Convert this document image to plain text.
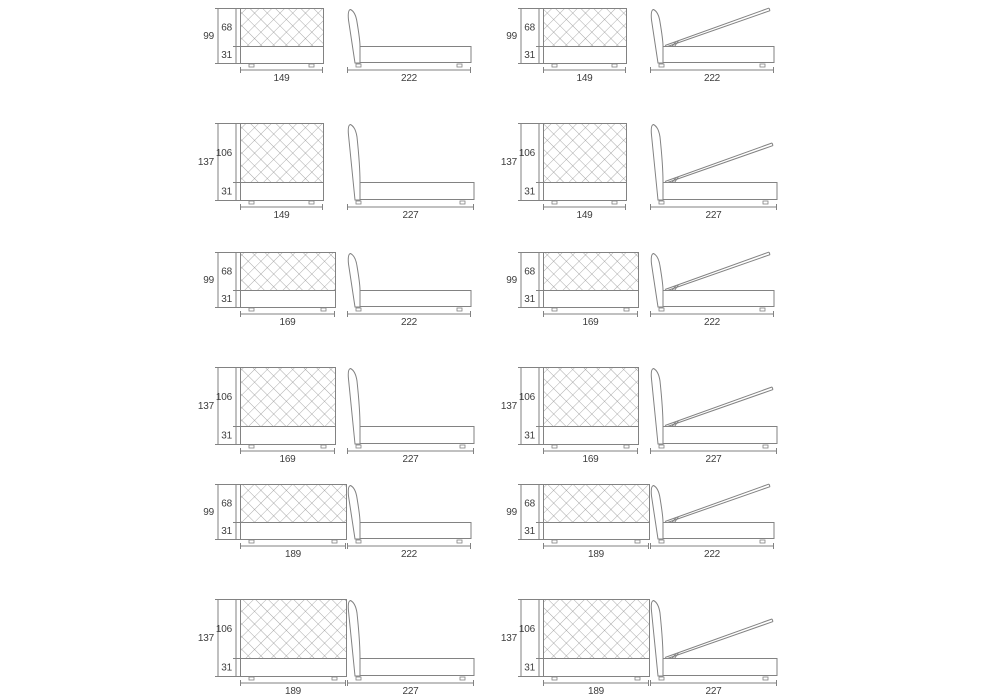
99
68
31
149	222
99
68
31
149	222
137
106
31
149	227
137
106
31
149	227
99
68
31
169	222
99
68
31
169	222
137
106
31
169	227
137
106
31
169	227
99
68
31
189	222
99
68
31
189	222
137
106
31
189	227
137
106
31
189	227
